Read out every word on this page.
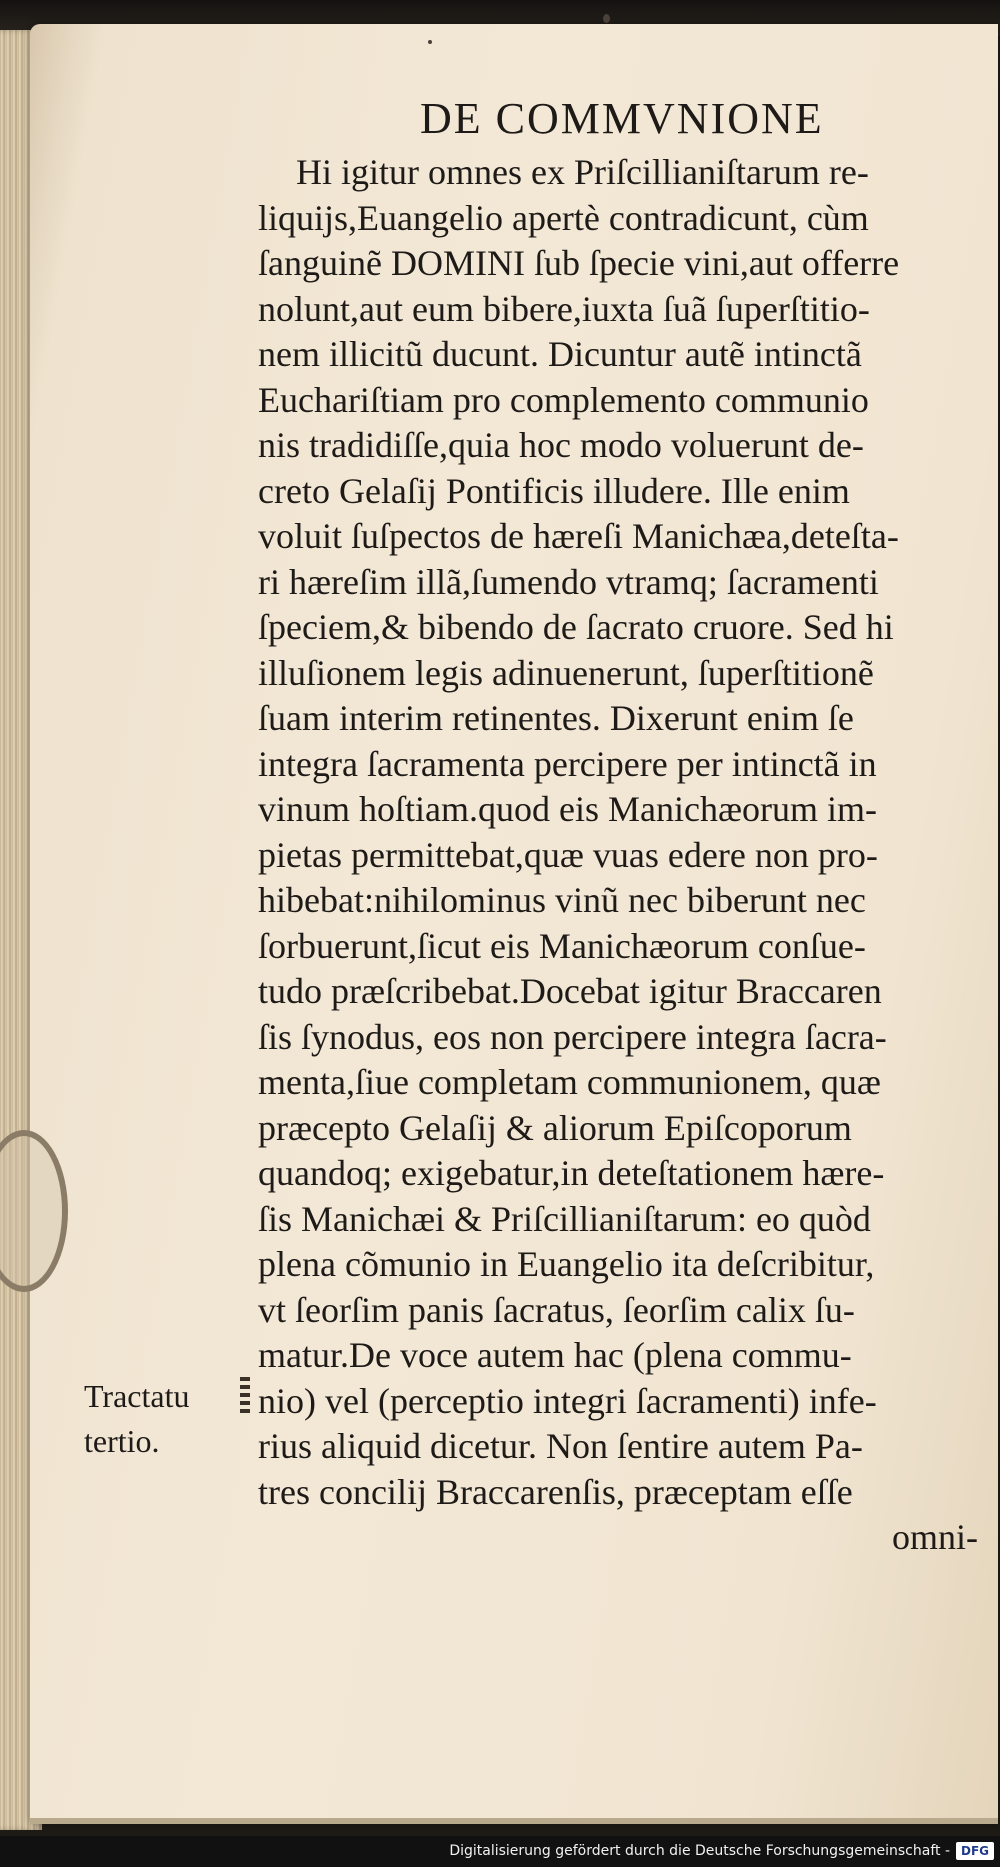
DE COMMVNIONE
Hi igitur omnes ex Priſcillianiſtarum re-
liquijs,Euangelio apertè contradicunt, cùm
ſanguinẽ DOMINI ſub ſpecie vini,aut offerre
nolunt,aut eum bibere,iuxta ſuã ſuperſtitio-
nem illicitũ ducunt. Dicuntur autẽ intinctã
Euchariſtiam pro complemento communio
nis tradidiſſe,quia hoc modo voluerunt de-
creto Gelaſij Pontificis illudere. Ille enim
voluit ſuſpectos de hæreſi Manichæa,deteſta-
ri hæreſim illã,ſumendo vtramq; ſacramenti
ſpeciem,& bibendo de ſacrato cruore. Sed hi
illuſionem legis adinuenerunt, ſuperſtitionẽ
ſuam interim retinentes. Dixerunt enim ſe
integra ſacramenta percipere per intinctã in
vinum hoſtiam.quod eis Manichæorum im-
pietas permittebat,quæ vuas edere non pro-
hibebat:nihilominus vinũ nec biberunt nec
ſorbuerunt,ſicut eis Manichæorum conſue-
tudo præſcribebat.Docebat igitur Braccaren
ſis ſynodus, eos non percipere integra ſacra-
menta,ſiue completam communionem, quæ
præcepto Gelaſij & aliorum Epiſcoporum
quandoq; exigebatur,in deteſtationem hære-
ſis Manichæi & Priſcillianiſtarum: eo quòd
plena cõmunio in Euangelio ita deſcribitur,
vt ſeorſim panis ſacratus, ſeorſim calix ſu-
matur.De voce autem hac (plena commu-
nio) vel (perceptio integri ſacramenti) infe-
rius aliquid dicetur. Non ſentire autem Pa-
tres concilij Braccarenſis, præceptam eſſe
omni-
Tractatu
tertio.
Digitalisierung gefördert durch die Deutsche Forschungsgemeinschaft - DFG
